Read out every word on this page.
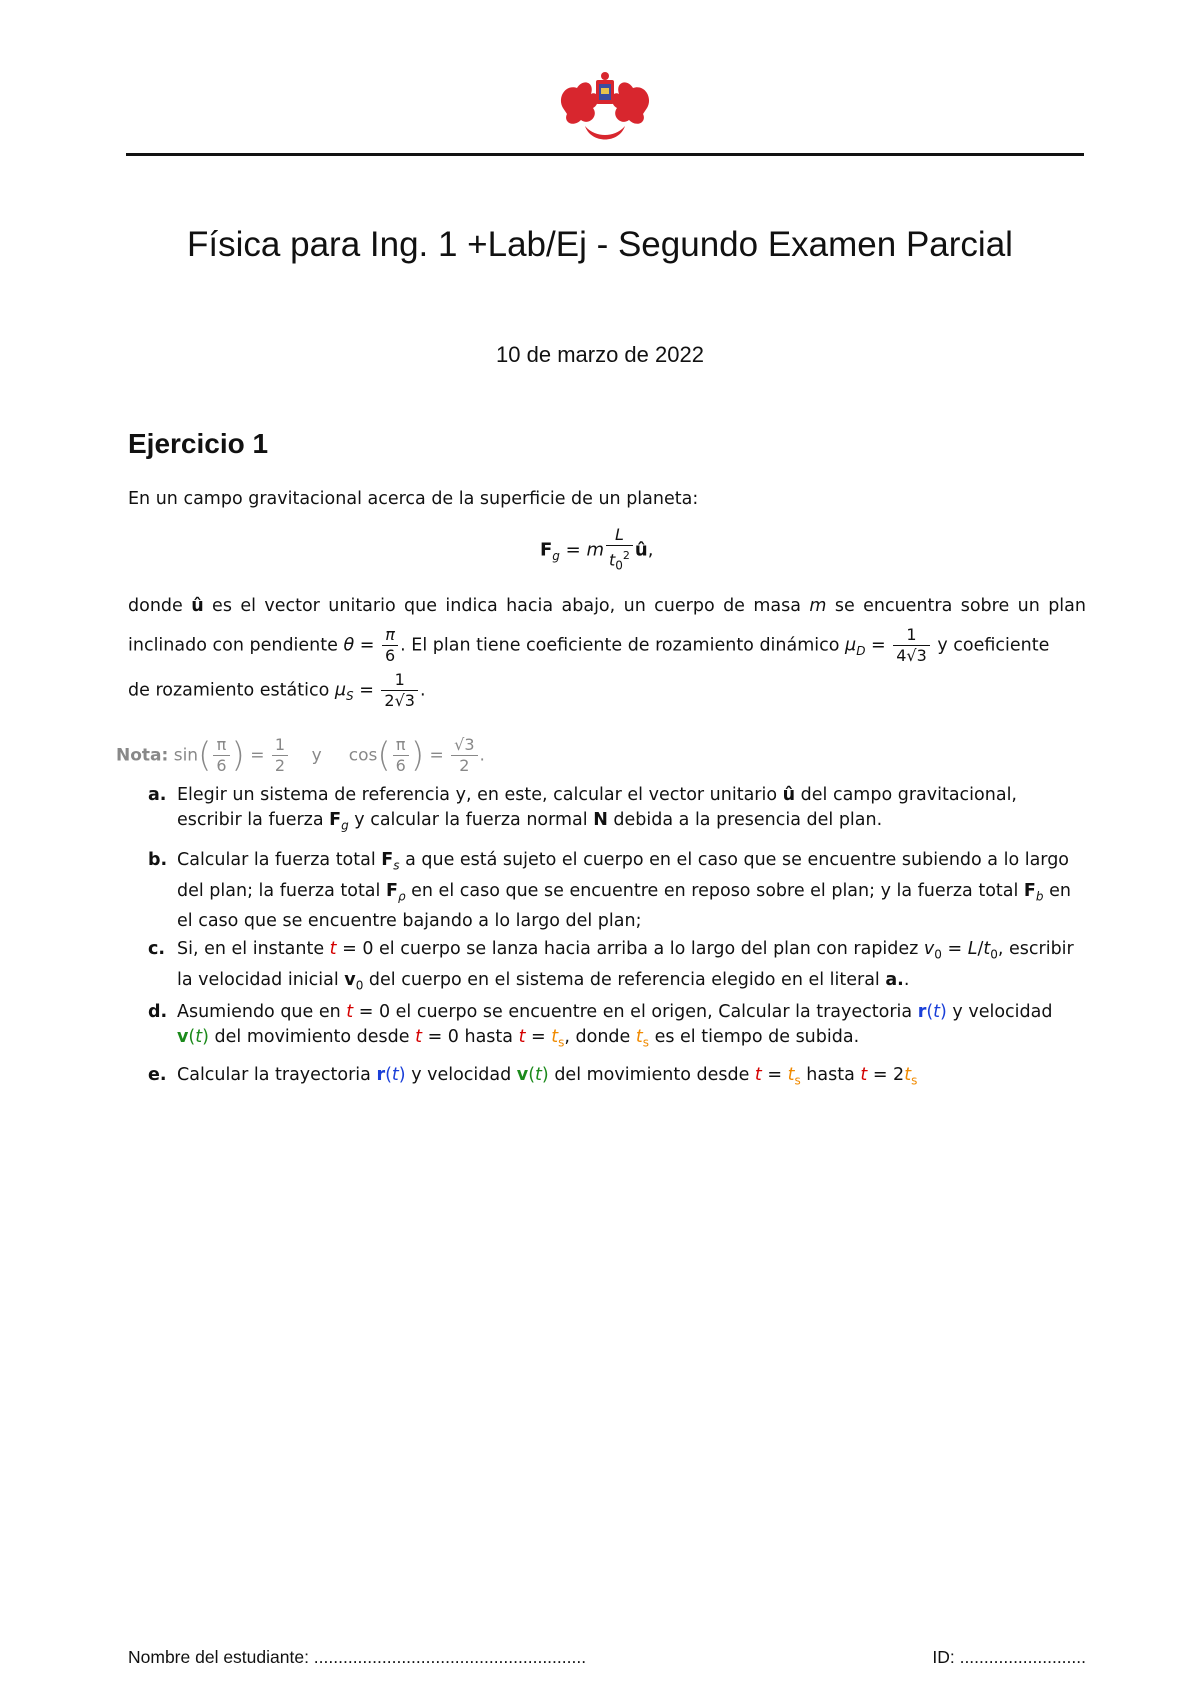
Física para Ing. 1 +Lab/Ej - Segundo Examen Parcial
10 de marzo de 2022
Ejercicio 1
En un campo gravitacional acerca de la superficie de un planeta:
$F_g = m \frac{L}{t_0^2}$ û,
donde û es el vector unitario que indica hacia abajo, un cuerpo de masa m se encuentra sobre un plan
inclinado con pendiente $\theta = \frac{\pi}{6}$ . El plan tiene coeficiente de rozamiento dinámico $\mu_D = \frac{1}{4√3}$ y coeficiente
de rozamiento estático $\mu_S = \frac{1}{2√3}$ .
Nota: $\sin( \frac{\pi}{6}$ ) = $\frac{1}{2}$ y     $\cos( \frac{\pi}{6}$ ) = $\frac{√3}{2}$ .
a. Elegir un sistema de referencia y, en este, calcular el vector unitario û del campo gravitacional, escribir la fuerza $F_g$ y calcular la fuerza normal N debida a la presencia del plan.
b. Calcular la fuerza total $F_s$ a que está sujeto el cuerpo en el caso que se encuentre subiendo a lo largo del plan; la fuerza total $F_\rho$ en el caso que se encuentre en reposo sobre el plan; y la fuerza total $F_b$ en el caso que se encuentre bajando a lo largo del plan;
c. Si, en el instante t = 0 el cuerpo se lanza hacia arriba a lo largo del plan con rapidez $v_0 = L/t_0$, escribir la velocidad inicial $v_0$ del cuerpo en el sistema de referencia elegido en el literal a..
d. Asumiendo que en t = 0 el cuerpo se encuentre en el origen, Calcular la trayectoria r(t) y velocidad v(t) del movimiento desde t = 0 hasta $t = t_s$, donde $t_s$ es el tiempo de subida.
e. Calcular la trayectoria r(t) y velocidad v(t) del movimiento desde $t = t_s$ hasta $t = 2t_s$
Nombre del estudiante: ........................................................	ID: ..........................
